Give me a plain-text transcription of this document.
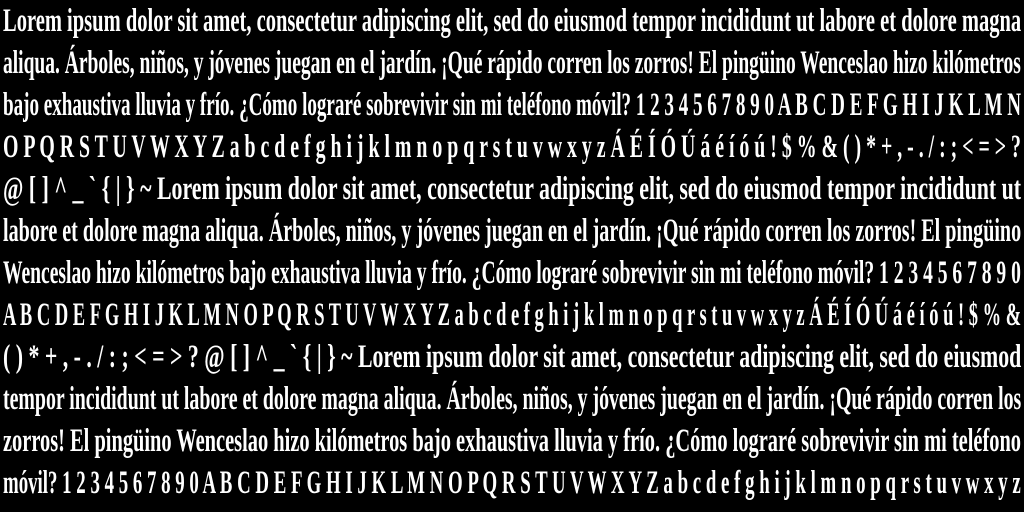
Lorem ipsum dolor sit amet, consectetur adipiscing elit, sed do eiusmod tempor incididunt ut labore et dolore magna
aliqua. Árboles, niños, y jóvenes juegan en el jardín. ¡Qué rápido corren los zorros! El pingüino Wenceslao hizo kilómetros
bajo exhaustiva lluvia y frío. ¿Cómo lograré sobrevivir sin mi teléfono móvil? 1 2 3 4 5 6 7 8 9 0 A B C D E F G H I J K L M N
O P Q R S T U V W X Y Z a b c d e f g h i j k l m n o p q r s t u v w x y z Á É Í Ó Ú á é í ó ú ! $ % & ( ) * + , - . / : ; < = > ?
@ [ ] ^ _ ` { | } ~ Lorem ipsum dolor sit amet, consectetur adipiscing elit, sed do eiusmod tempor incididunt ut
labore et dolore magna aliqua. Árboles, niños, y jóvenes juegan en el jardín. ¡Qué rápido corren los zorros! El pingüino
Wenceslao hizo kilómetros bajo exhaustiva lluvia y frío. ¿Cómo lograré sobrevivir sin mi teléfono móvil? 1 2 3 4 5 6 7 8 9 0
A B C D E F G H I J K L M N O P Q R S T U V W X Y Z a b c d e f g h i j k l m n o p q r s t u v w x y z Á É Í Ó Ú á é í ó ú ! $ % &
( ) * + , - . / : ; < = > ? @ [ ] ^ _ ` { | } ~ Lorem ipsum dolor sit amet, consectetur adipiscing elit, sed do eiusmod
tempor incididunt ut labore et dolore magna aliqua. Árboles, niños, y jóvenes juegan en el jardín. ¡Qué rápido corren los
zorros! El pingüino Wenceslao hizo kilómetros bajo exhaustiva lluvia y frío. ¿Cómo lograré sobrevivir sin mi teléfono
móvil? 1 2 3 4 5 6 7 8 9 0 A B C D E F G H I J K L M N O P Q R S T U V W X Y Z a b c d e f g h i j k l m n o p q r s t u v w x y z
